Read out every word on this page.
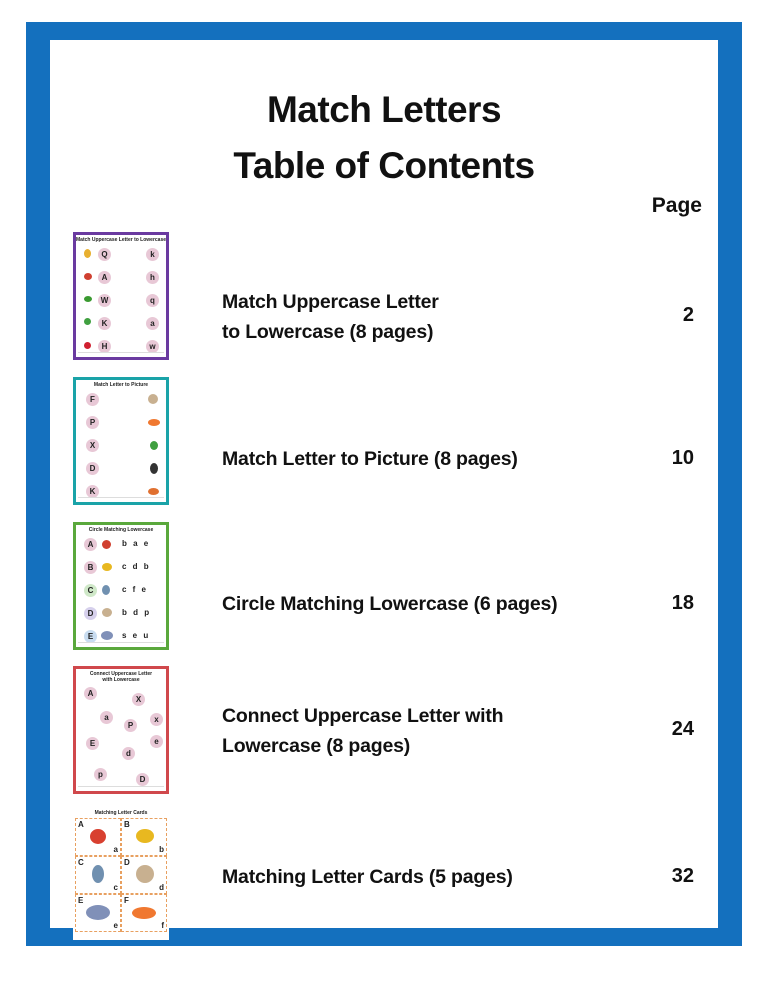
Match Letters
Table of Contents
Page
Match Uppercase Letter to Lowercase
Q	k
A	h
W	q
K	a
H	w
Match Uppercase Letter
to Lowercase (8 pages)
2
Match Letter to Picture
F
P
X
D
K
Match Letter to Picture (8 pages)	10
Circle Matching Lowercase
A	b a e
B	c d b
C	c f e
D	b d p
E	s e u
Circle Matching Lowercase (6 pages)	18
Connect Uppercase Letter with Lowercase
A
X
a
P
x
E	e
d
p
D
Connect Uppercase Letter with
Lowercase (8 pages)
24
Matching Letter Cards
A
a
B
b
C
c
D
d
E
e
F
f
Matching Letter Cards (5 pages)	32
